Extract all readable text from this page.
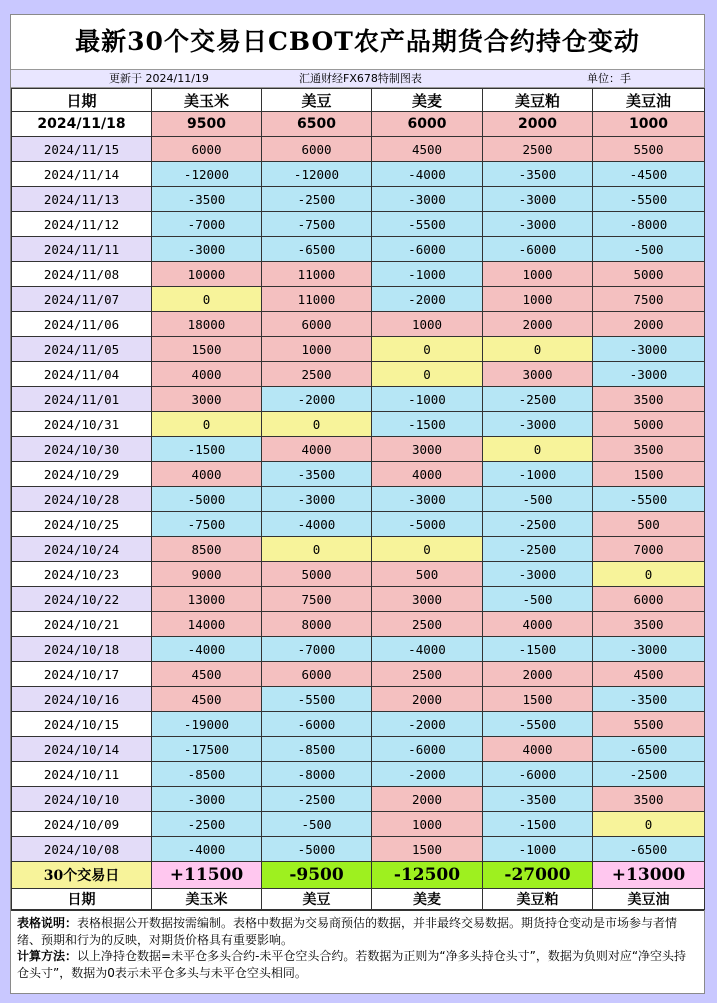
最新30个交易日CBOT农产品期货合约持仓变动
更新于 2024/11/19	汇通财经FX678特制图表	单位：手
日期	美玉米	美豆	美麦	美豆粕	美豆油
2024/11/18	9500	6500	6000	2000	1000
2024/11/15	6000	6000	4500	2500	5500
2024/11/14	-12000	-12000	-4000	-3500	-4500
2024/11/13	-3500	-2500	-3000	-3000	-5500
2024/11/12	-7000	-7500	-5500	-3000	-8000
2024/11/11	-3000	-6500	-6000	-6000	-500
2024/11/08	10000	11000	-1000	1000	5000
2024/11/07	0	11000	-2000	1000	7500
2024/11/06	18000	6000	1000	2000	2000
2024/11/05	1500	1000	0	0	-3000
2024/11/04	4000	2500	0	3000	-3000
2024/11/01	3000	-2000	-1000	-2500	3500
2024/10/31	0	0	-1500	-3000	5000
2024/10/30	-1500	4000	3000	0	3500
2024/10/29	4000	-3500	4000	-1000	1500
2024/10/28	-5000	-3000	-3000	-500	-5500
2024/10/25	-7500	-4000	-5000	-2500	500
2024/10/24	8500	0	0	-2500	7000
2024/10/23	9000	5000	500	-3000	0
2024/10/22	13000	7500	3000	-500	6000
2024/10/21	14000	8000	2500	4000	3500
2024/10/18	-4000	-7000	-4000	-1500	-3000
2024/10/17	4500	6000	2500	2000	4500
2024/10/16	4500	-5500	2000	1500	-3500
2024/10/15	-19000	-6000	-2000	-5500	5500
2024/10/14	-17500	-8500	-6000	4000	-6500
2024/10/11	-8500	-8000	-2000	-6000	-2500
2024/10/10	-3000	-2500	2000	-3500	3500
2024/10/09	-2500	-500	1000	-1500	0
2024/10/08	-4000	-5000	1500	-1000	-6500
30个交易日	+11500	-9500	-12500	-27000	+13000
日期	美玉米	美豆	美麦	美豆粕	美豆油
表格说明：表格根据公开数据按需编制。表格中数据为交易商预估的数据，并非最终交易数据。期货持仓变动是市场参与者情绪、预期和行为的反映，对期货价格具有重要影响。
计算方法：以上净持仓数据=未平仓多头合约-未平仓空头合约。若数据为正则为“净多头持仓头寸”，数据为负则对应“净空头持仓头寸”，数据为0表示未平仓多头与未平仓空头相同。
